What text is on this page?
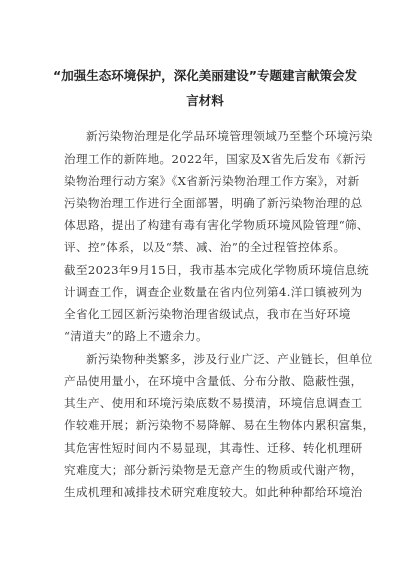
“加强生态环境保护，深化美丽建设”专题建言献策会发
言材料
新污染物治理是化学品环境管理领域乃至整个环境污染
治理工作的新阵地。2022年，国家及X省先后发布《新污
染物治理行动方案》《X省新污染物治理工作方案》，对新
污染物治理工作进行全面部署，明确了新污染物治理的总
体思路，提出了构建有毒有害化学物质环境风险管理“筛、
评、控”体系，以及“禁、减、治”的全过程管控体系。
截至2023年9月15日，我市基本完成化学物质环境信息统
计调查工作，调查企业数量在省内位列第4.洋口镇被列为
全省化工园区新污染物治理省级试点，我市在当好环境
“清道夫”的路上不遗余力。
新污染物种类繁多，涉及行业广泛、产业链长，但单位
产品使用量小，在环境中含量低、分布分散、隐蔽性强，
其生产、使用和环境污染底数不易摸清，环境信息调查工
作较难开展；新污染物不易降解、易在生物体内累积富集，
其危害性短时间内不易显现，其毒性、迁移、转化机理研
究难度大；部分新污染物是无意产生的物质或代谢产物，
生成机理和减排技术研究难度较大。如此种种都给环境治
